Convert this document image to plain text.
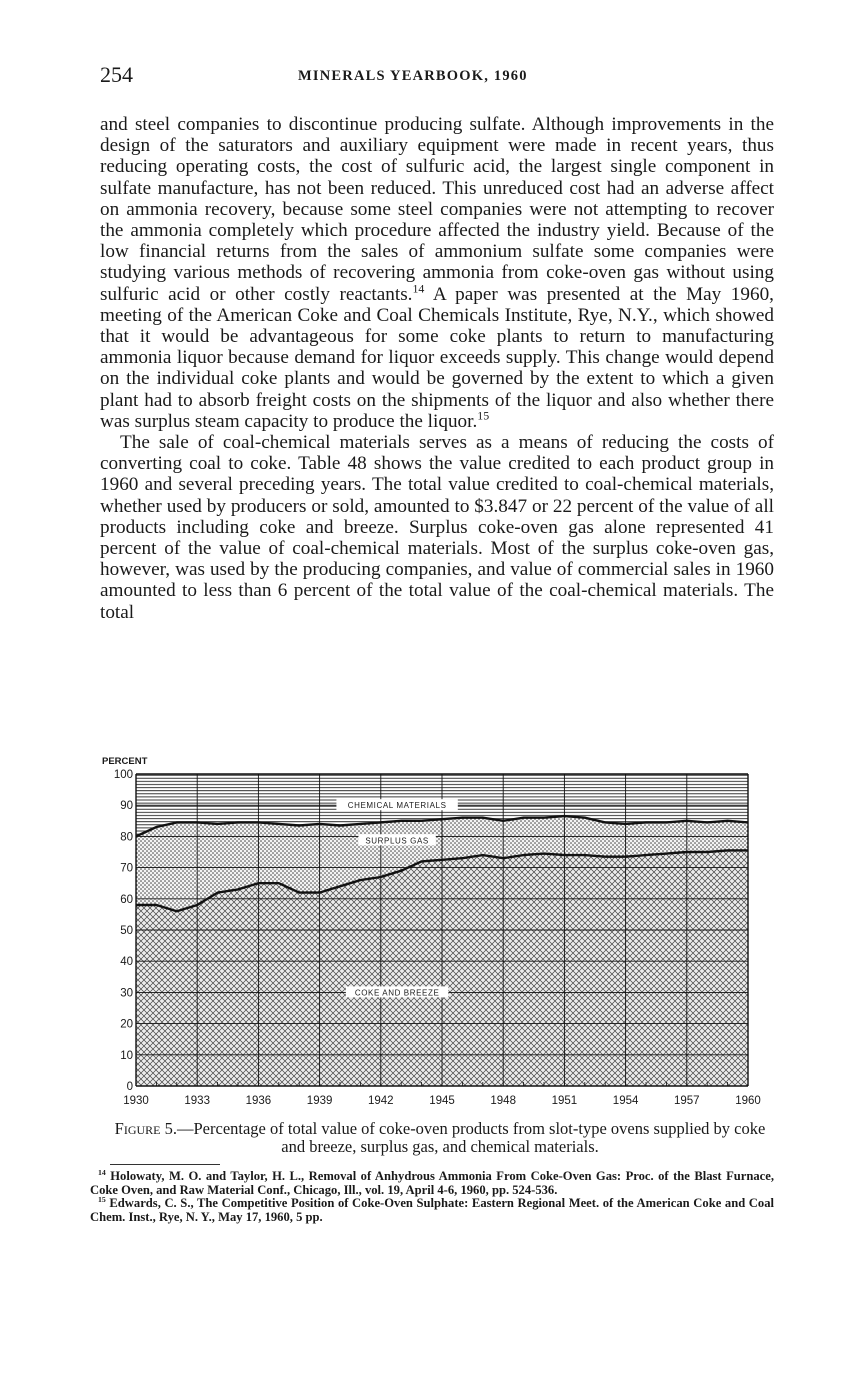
254	MINERALS YEARBOOK, 1960

and steel companies to discontinue producing sulfate. Although improvements in the design of the saturators and auxiliary equipment were made in recent years, thus reducing operating costs, the cost of sulfuric acid, the largest single component in sulfate manufacture, has not been reduced. This unreduced cost had an adverse affect on ammonia recovery, because some steel companies were not attempting to recover the ammonia completely which procedure affected the industry yield. Because of the low financial returns from the sales of ammonium sulfate some companies were studying various methods of recovering ammonia from coke-oven gas without using sulfuric acid or other costly reactants.$^{14}$ A paper was presented at the May 1960, meeting of the American Coke and Coal Chemicals Institute, Rye, N.Y., which showed that it would be advantageous for some coke plants to return to manufacturing ammonia liquor because demand for liquor exceeds supply. This change would depend on the individual coke plants and would be governed by the extent to which a given plant had to absorb freight costs on the shipments of the liquor and also whether there was surplus steam capacity to produce the liquor.$^{15}$

The sale of coal-chemical materials serves as a means of reducing the costs of converting coal to coke. Table 48 shows the value credited to each product group in 1960 and several preceding years. The total value credited to coal-chemical materials, whether used by producers or sold, amounted to $3.847 or 22 percent of the value of all products including coke and breeze. Surplus coke-oven gas alone represented 41 percent of the value of coal-chemical materials. Most of the surplus coke-oven gas, however, was used by the producing companies, and value of commercial sales in 1960 amounted to less than 6 percent of the total value of the coal-chemical materials. The total

PERCENT
0
10
20
30
40
50
60
70
80
90
100
1930	1933	1936	1939	1942	1945	1948	1951	1954	1957	1960
COKE AND BREEZE
SURPLUS GAS
CHEMICAL MATERIALS
Figure 5.—Percentage of total value of coke-oven products from slot-type ovens supplied by coke and breeze, surplus gas, and chemical materials.

$^{14}$ Holowaty, M. O. and Taylor, H. L., Removal of Anhydrous Ammonia From Coke-Oven Gas: Proc. of the Blast Furnace, Coke Oven, and Raw Material Conf., Chicago, Ill., vol. 19, April 4-6, 1960, pp. 524-536.

$^{15}$ Edwards, C. S., The Competitive Position of Coke-Oven Sulphate: Eastern Regional Meet. of the American Coke and Coal Chem. Inst., Rye, N. Y., May 17, 1960, 5 pp.
